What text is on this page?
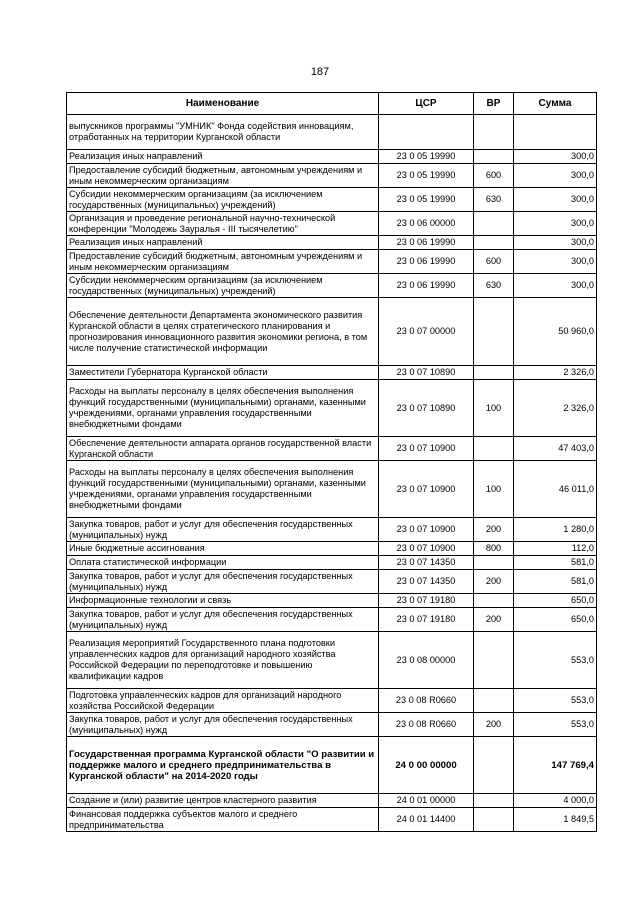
187
Наименование	ЦСР	ВР	Сумма
выпускников программы "УМНИК" Фонда содействия инновациям, отработанных на территории Курганской области			
Реализация иных направлений	23 0 05 19990		300,0
Предоставление субсидий бюджетным, автономным учреждениям и иным некоммерческим организациям	23 0 05 19990	600	300,0
Субсидии некоммерческим организациям (за исключением государственных (муниципальных) учреждений)	23 0 05 19990	630	300,0
Организация и проведение региональной научно-технической конференции "Молодежь Зауралья - III тысячелетию"	23 0 06 00000		300,0
Реализация иных направлений	23 0 06 19990		300,0
Предоставление субсидий бюджетным, автономным учреждениям и иным некоммерческим организациям	23 0 06 19990	600	300,0
Субсидии некоммерческим организациям (за исключением государственных (муниципальных) учреждений)	23 0 06 19990	630	300,0
Обеспечение деятельности Департамента экономического развития Курганской области в целях стратегического планирования и прогнозирования инновационного развития экономики региона, в том числе получение статистической информации	23 0 07 00000		50 960,0
Заместители Губернатора Курганской области	23 0 07 10890		2 326,0
Расходы на выплаты персоналу в целях обеспечения выполнения функций государственными (муниципальными) органами, казенными учреждениями, органами управления государственными внебюджетными фондами	23 0 07 10890	100	2 326,0
Обеспечение деятельности аппарата органов государственной власти Курганской области	23 0 07 10900		47 403,0
Расходы на выплаты персоналу в целях обеспечения выполнения функций государственными (муниципальными) органами, казенными учреждениями, органами управления государственными внебюджетными фондами	23 0 07 10900	100	46 011,0
Закупка товаров, работ и услуг для обеспечения государственных (муниципальных) нужд	23 0 07 10900	200	1 280,0
Иные бюджетные ассигнования	23 0 07 10900	800	112,0
Оплата статистической информации	23 0 07 14350		581,0
Закупка товаров, работ и услуг для обеспечения государственных (муниципальных) нужд	23 0 07 14350	200	581,0
Информационные технологии и связь	23 0 07 19180		650,0
Закупка товаров, работ и услуг для обеспечения государственных (муниципальных) нужд	23 0 07 19180	200	650,0
Реализация мероприятий Государственного плана подготовки управленческих кадров для организаций народного хозяйства Российской Федерации по переподготовке и повышению квалификации кадров	23 0 08 00000		553,0
Подготовка управленческих кадров для организаций народного хозяйства Российской Федерации	23 0 08 R0660		553,0
Закупка товаров, работ и услуг для обеспечения государственных (муниципальных) нужд	23 0 08 R0660	200	553,0
Государственная программа Курганской области "О развитии и поддержке малого и среднего предпринимательства в Курганской области" на 2014-2020 годы	24 0 00 00000		147 769,4
Создание и (или) развитие центров кластерного развития	24 0 01 00000		4 000,0
Финансовая поддержка субъектов малого и среднего предпринимательства	24 0 01 14400		1 849,5
